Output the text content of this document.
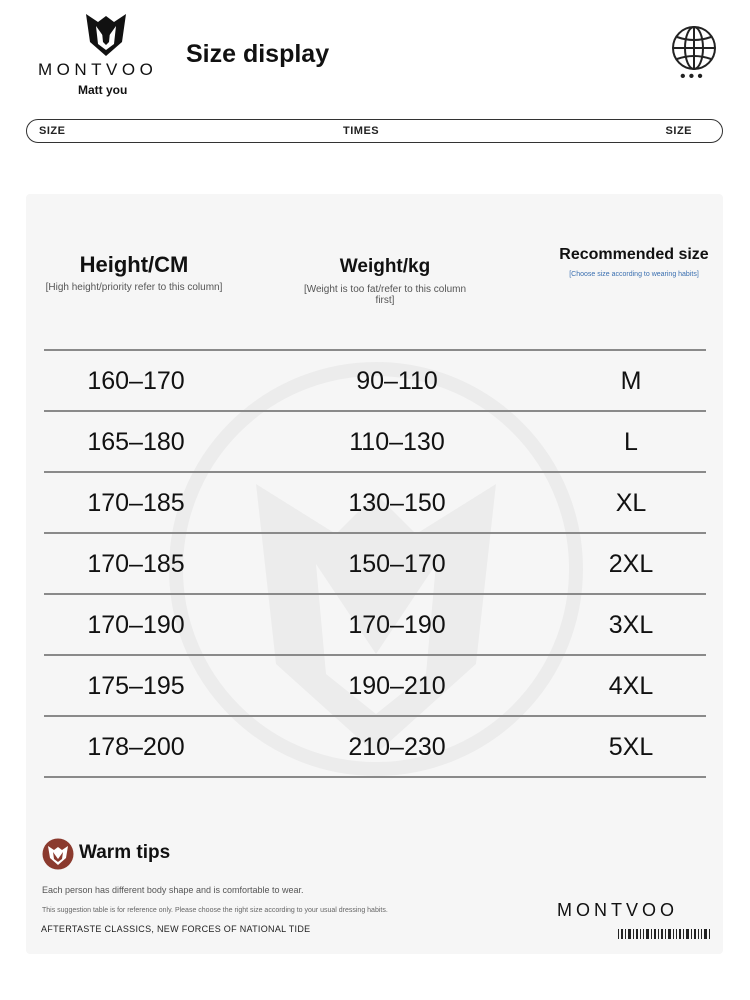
MONTVOO
Matt you
Size display
•••
SIZE	TIMES	SIZE
Height/CM
[High height/priority refer to this column]
Weight/kg
[Weight is too fat/refer to this column first]
Recommended size
[Choose size according to wearing habits]
160–170	90–110	M
165–180	110–130	L
170–185	130–150	XL
170–185	150–170	2XL
170–190	170–190	3XL
175–195	190–210	4XL
178–200	210–230	5XL
Warm tips
Each person has different body shape and is comfortable to wear.
This suggestion table is for reference only. Please choose the right size according to your usual dressing habits.
AFTERTASTE CLASSICS, NEW FORCES OF NATIONAL TIDE
MONTVOO
